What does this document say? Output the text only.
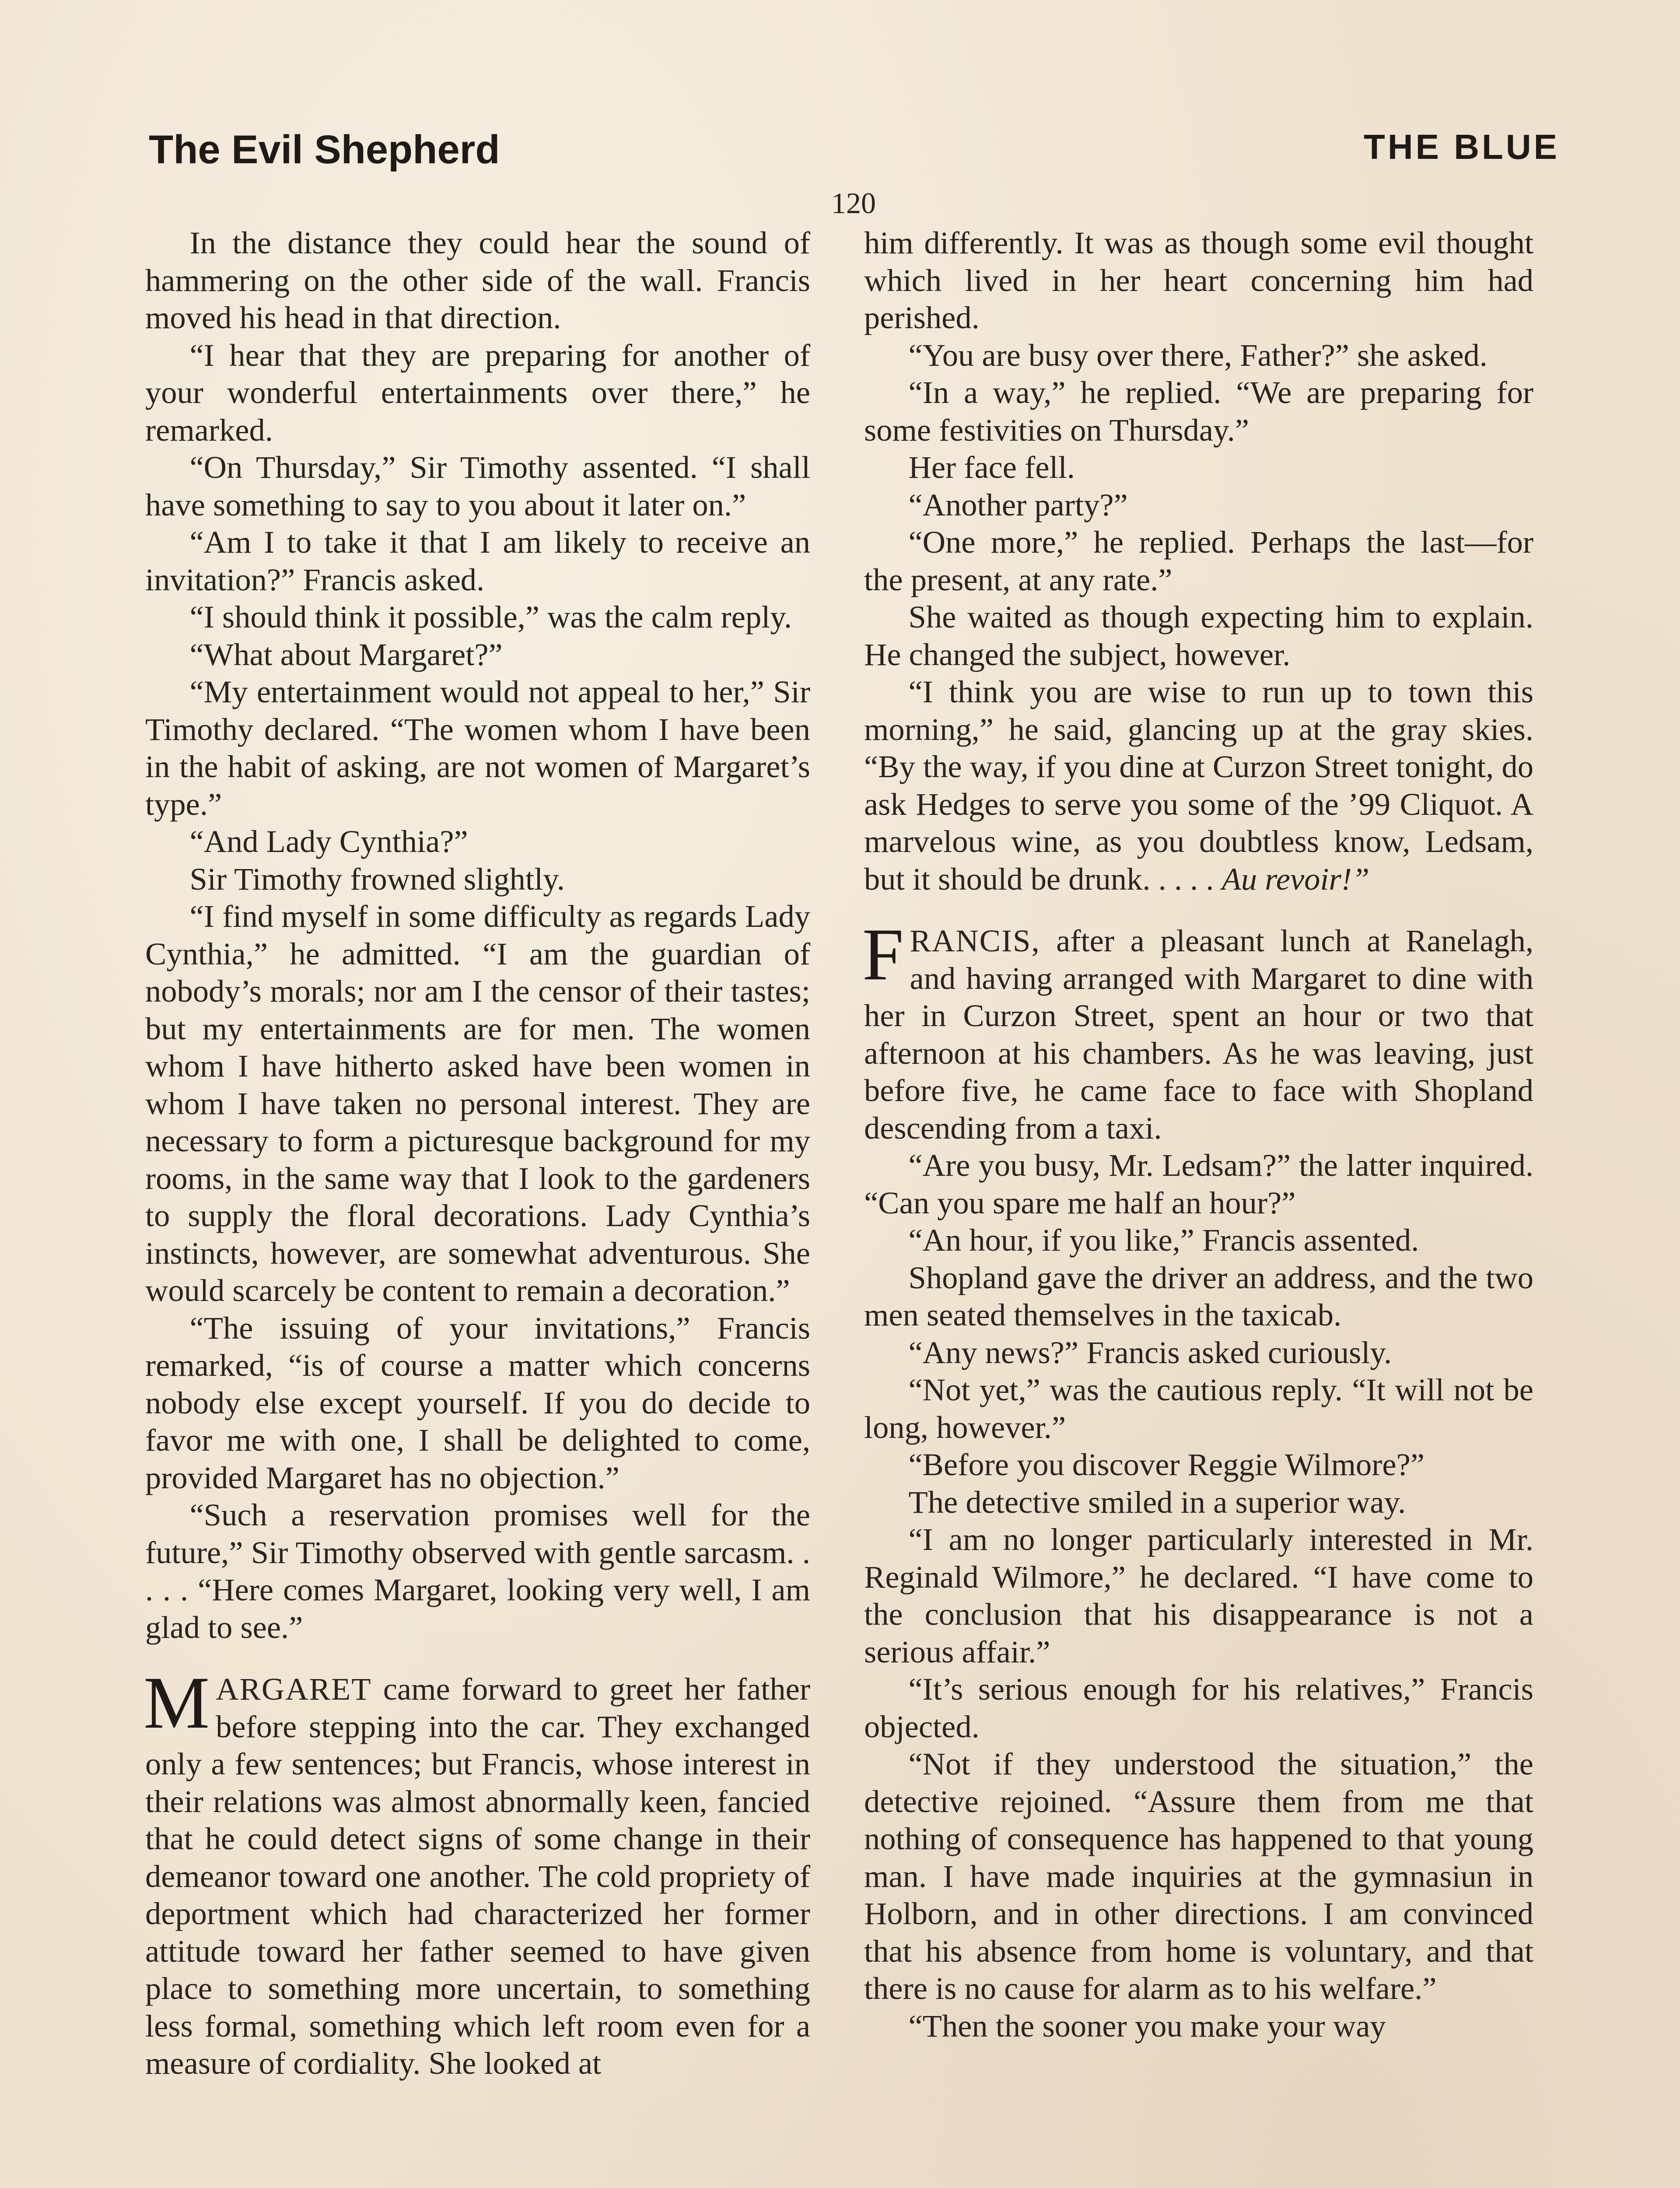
The Evil Shepherd	THE BLUE
120

In the distance they could hear the sound of hammering on the other side of the wall. Francis moved his head in that direction.

“I hear that they are preparing for another of your wonderful entertainments over there,” he remarked.

“On Thursday,” Sir Timothy assented. “I shall have something to say to you about it later on.”

“Am I to take it that I am likely to receive an invitation?” Francis asked.

“I should think it possible,” was the calm reply.

“What about Margaret?”

“My entertainment would not appeal to her,” Sir Timothy declared. “The women whom I have been in the habit of asking, are not women of Margaret’s type.”

“And Lady Cynthia?”

Sir Timothy frowned slightly.

“I find myself in some difficulty as regards Lady Cynthia,” he admitted. “I am the guardian of nobody’s morals; nor am I the censor of their tastes; but my entertainments are for men. The women whom I have hitherto asked have been women in whom I have taken no personal interest. They are necessary to form a picturesque background for my rooms, in the same way that I look to the gardeners to supply the floral decorations. Lady Cynthia’s instincts, however, are somewhat adventurous. She would scarcely be content to remain a decoration.”

“The issuing of your invitations,” Francis remarked, “is of course a matter which concerns nobody else except yourself. If you do decide to favor me with one, I shall be delighted to come, provided Margaret has no objection.”

“Such a reservation promises well for the future,” Sir Timothy observed with gentle sarcasm. . . . . “Here comes Margaret, looking very well, I am glad to see.”

MARGARET came forward to greet her father before stepping into the car. They exchanged only a few sentences; but Francis, whose interest in their relations was almost abnormally keen, fancied that he could detect signs of some change in their demeanor toward one another. The cold propriety of deportment which had characterized her former attitude toward her father seemed to have given place to something more uncertain, to something less formal, something which left room even for a measure of cordiality. She looked at

him differently. It was as though some evil thought which lived in her heart concerning him had perished.

“You are busy over there, Father?” she asked.

“In a way,” he replied. “We are preparing for some festivities on Thursday.”

Her face fell.

“Another party?”

“One more,” he replied. Perhaps the last—for the present, at any rate.”

She waited as though expecting him to explain. He changed the subject, however.

“I think you are wise to run up to town this morning,” he said, glancing up at the gray skies. “By the way, if you dine at Curzon Street tonight, do ask Hedges to serve you some of the ’99 Cliquot. A marvelous wine, as you doubtless know, Ledsam, but it should be drunk. . . . . Au revoir!”

FRANCIS, after a pleasant lunch at Ranelagh, and having arranged with Margaret to dine with her in Curzon Street, spent an hour or two that afternoon at his chambers. As he was leaving, just before five, he came face to face with Shopland descending from a taxi.

“Are you busy, Mr. Ledsam?” the latter inquired. “Can you spare me half an hour?”

“An hour, if you like,” Francis assented.

Shopland gave the driver an address, and the two men seated themselves in the taxicab.

“Any news?” Francis asked curiously.

“Not yet,” was the cautious reply. “It will not be long, however.”

“Before you discover Reggie Wilmore?”

The detective smiled in a superior way.

“I am no longer particularly interested in Mr. Reginald Wilmore,” he declared. “I have come to the conclusion that his disappearance is not a serious affair.”

“It’s serious enough for his relatives,” Francis objected.

“Not if they understood the situation,” the detective rejoined. “Assure them from me that nothing of consequence has happened to that young man. I have made inquiries at the gymnasiun in Holborn, and in other directions. I am convinced that his absence from home is voluntary, and that there is no cause for alarm as to his welfare.”

“Then the sooner you make your way
